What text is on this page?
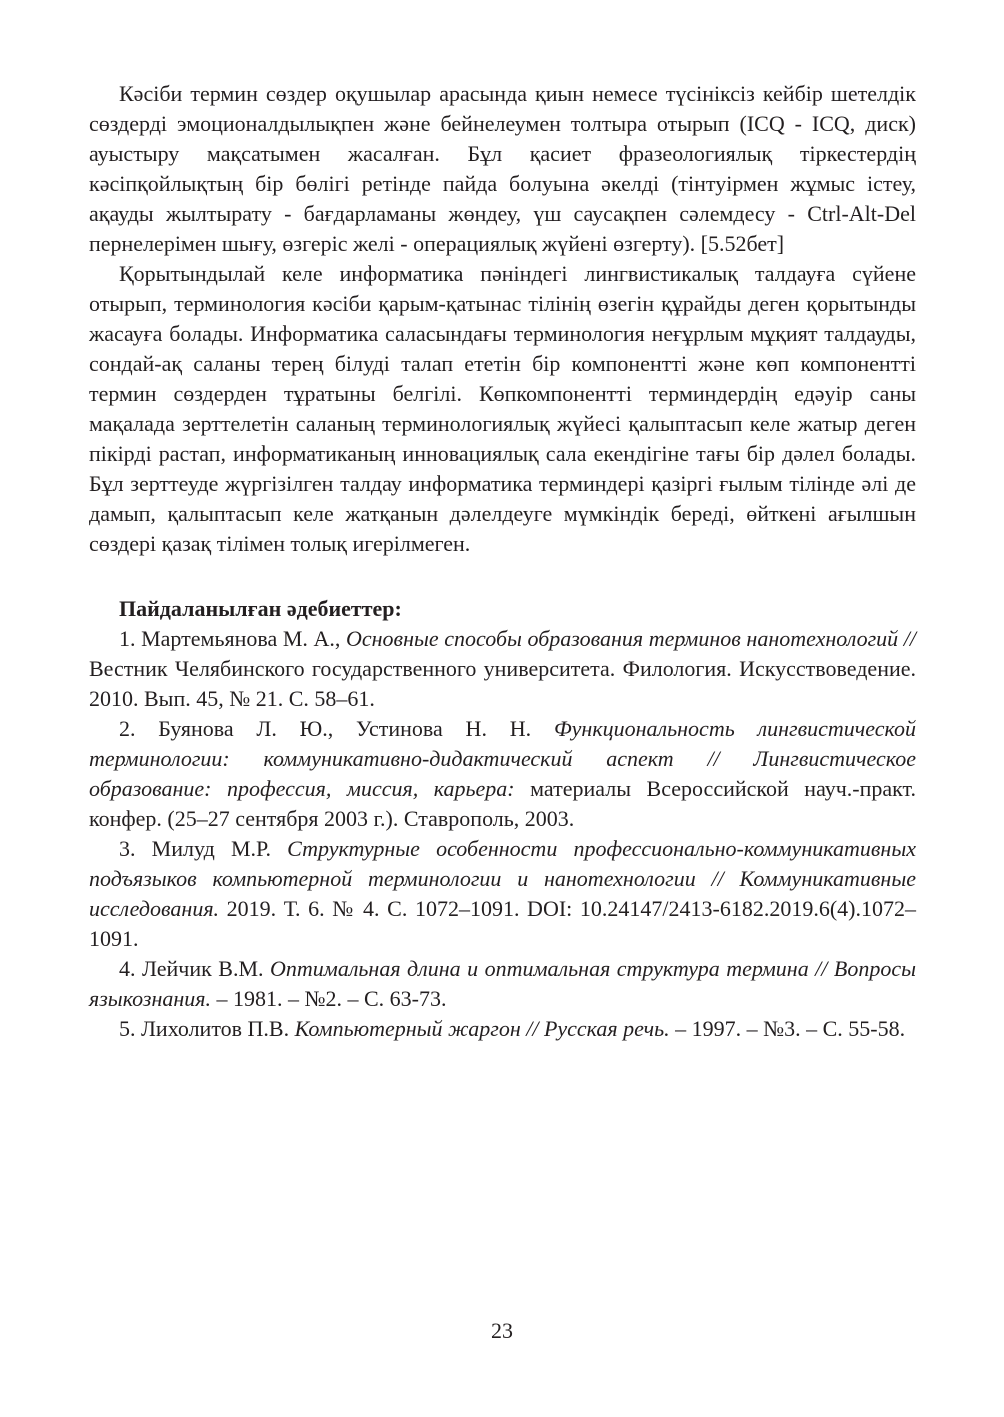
Кәсіби термин сөздер оқушылар арасында қиын немесе түсініксіз кейбір шетелдік сөздерді эмоционалдылықпен және бейнелеумен толтыра отырып (ICQ - ICQ, диск) ауыстыру мақсатымен жасалған. Бұл қасиет фразеологиялық тіркестердің кәсіпқойлықтың бір бөлігі ретінде пайда болуына әкелді (тінтуірмен жұмыс істеу, ақауды жылтырату - бағдарламаны жөндеу, үш саусақпен сәлемдесу - Ctrl-Alt-Del пернелерімен шығу, өзгеріс желі - операциялық жүйені өзгерту). [5.52бет]

Қорытындылай келе информатика пәніндегі лингвистикалық талдауға сүйене отырып, терминология кәсіби қарым-қатынас тілінің өзегін құрайды деген қорытынды жасауға болады. Информатика саласындағы терминология неғұрлым мұқият талдауды, сондай-ақ саланы терең білуді талап ететін бір компонентті және көп компонентті термин сөздерден тұратыны белгілі. Көпкомпонентті терминдердің едәуір саны мақалада зерттелетін саланың терминологиялық жүйесі қалыптасып келе жатыр деген пікірді растап, информатиканың инновациялық сала екендігіне тағы бір дәлел болады. Бұл зерттеуде жүргізілген талдау информатика терминдері қазіргі ғылым тілінде әлі де дамып, қалыптасып келе жатқанын дәлелдеуге мүмкіндік береді, өйткені ағылшын сөздері қазақ тілімен толық игерілмеген.

Пайдаланылған әдебиеттер:

1. Мартемьянова М. А., Основные способы образования терминов нанотехнологий // Вестник Челябинского государственного университета. Филология. Искусствоведение. 2010. Вып. 45, № 21. С. 58–61.

2. Буянова Л. Ю., Устинова Н. Н. Функциональность лингвистической терминологии: коммуникативно-дидактический аспект // Лингвистическое образование: профессия, миссия, карьера: материалы Всероссийской науч.-практ. конфер. (25–27 сентября 2003 г.). Ставрополь, 2003.

3. Милуд М.Р. Структурные особенности профессионально-коммуникативных подъязыков компьютерной терминологии и нанотехнологии // Коммуникативные исследования. 2019. Т. 6. № 4. С. 1072–1091. DOI: 10.24147/2413-6182.2019.6(4).1072–1091.

4. Лейчик В.М. Оптимальная длина и оптимальная структура термина // Вопросы языкознания. – 1981. – №2. – С. 63-73.

5. Лихолитов П.В. Компьютерный жаргон // Русская речь. – 1997. – №3. – С. 55-58.

23
